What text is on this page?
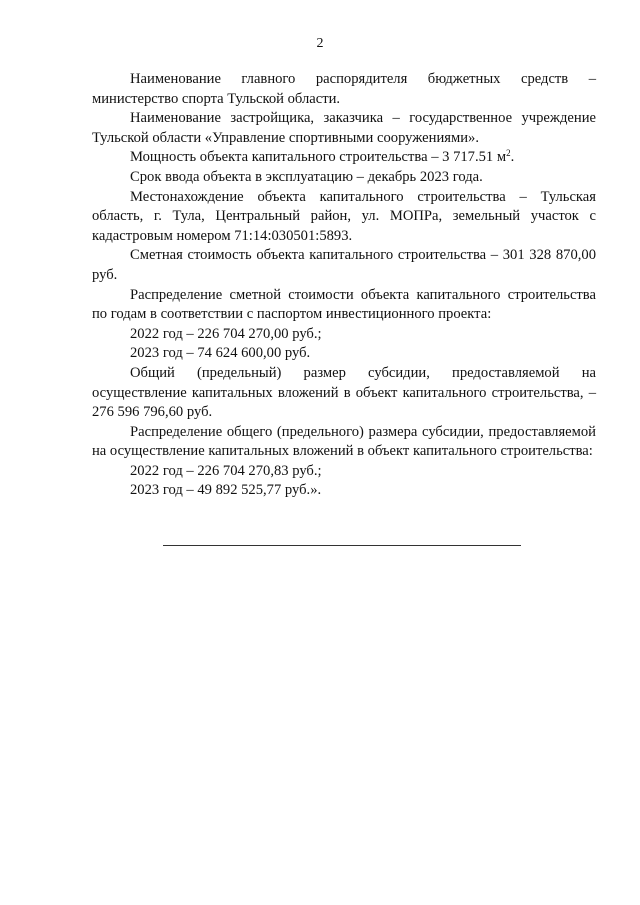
2

Наименование главного распорядителя бюджетных средств – министерство спорта Тульской области.

Наименование застройщика, заказчика – государственное учреждение Тульской области «Управление спортивными сооружениями».

Мощность объекта капитального строительства – 3 717.51 $м^2$.

Срок ввода объекта в эксплуатацию – декабрь 2023 года.

Местонахождение объекта капитального строительства – Тульская область, г. Тула, Центральный район, ул. МОПРа, земельный участок с кадастровым номером 71:14:030501:5893.

Сметная стоимость объекта капитального строительства – 301 328 870,00 руб.

Распределение сметной стоимости объекта капитального строительства по годам в соответствии с паспортом инвестиционного проекта:

2022 год – 226 704 270,00 руб.;

2023 год – 74 624 600,00 руб.

Общий (предельный) размер субсидии, предоставляемой на осуществление капитальных вложений в объект капитального строительства, – 276 596 796,60 руб.

Распределение общего (предельного) размера субсидии, предоставляемой на осуществление капитальных вложений в объект капитального строительства:

2022 год – 226 704 270,83 руб.;

2023 год – 49 892 525,77 руб.».
